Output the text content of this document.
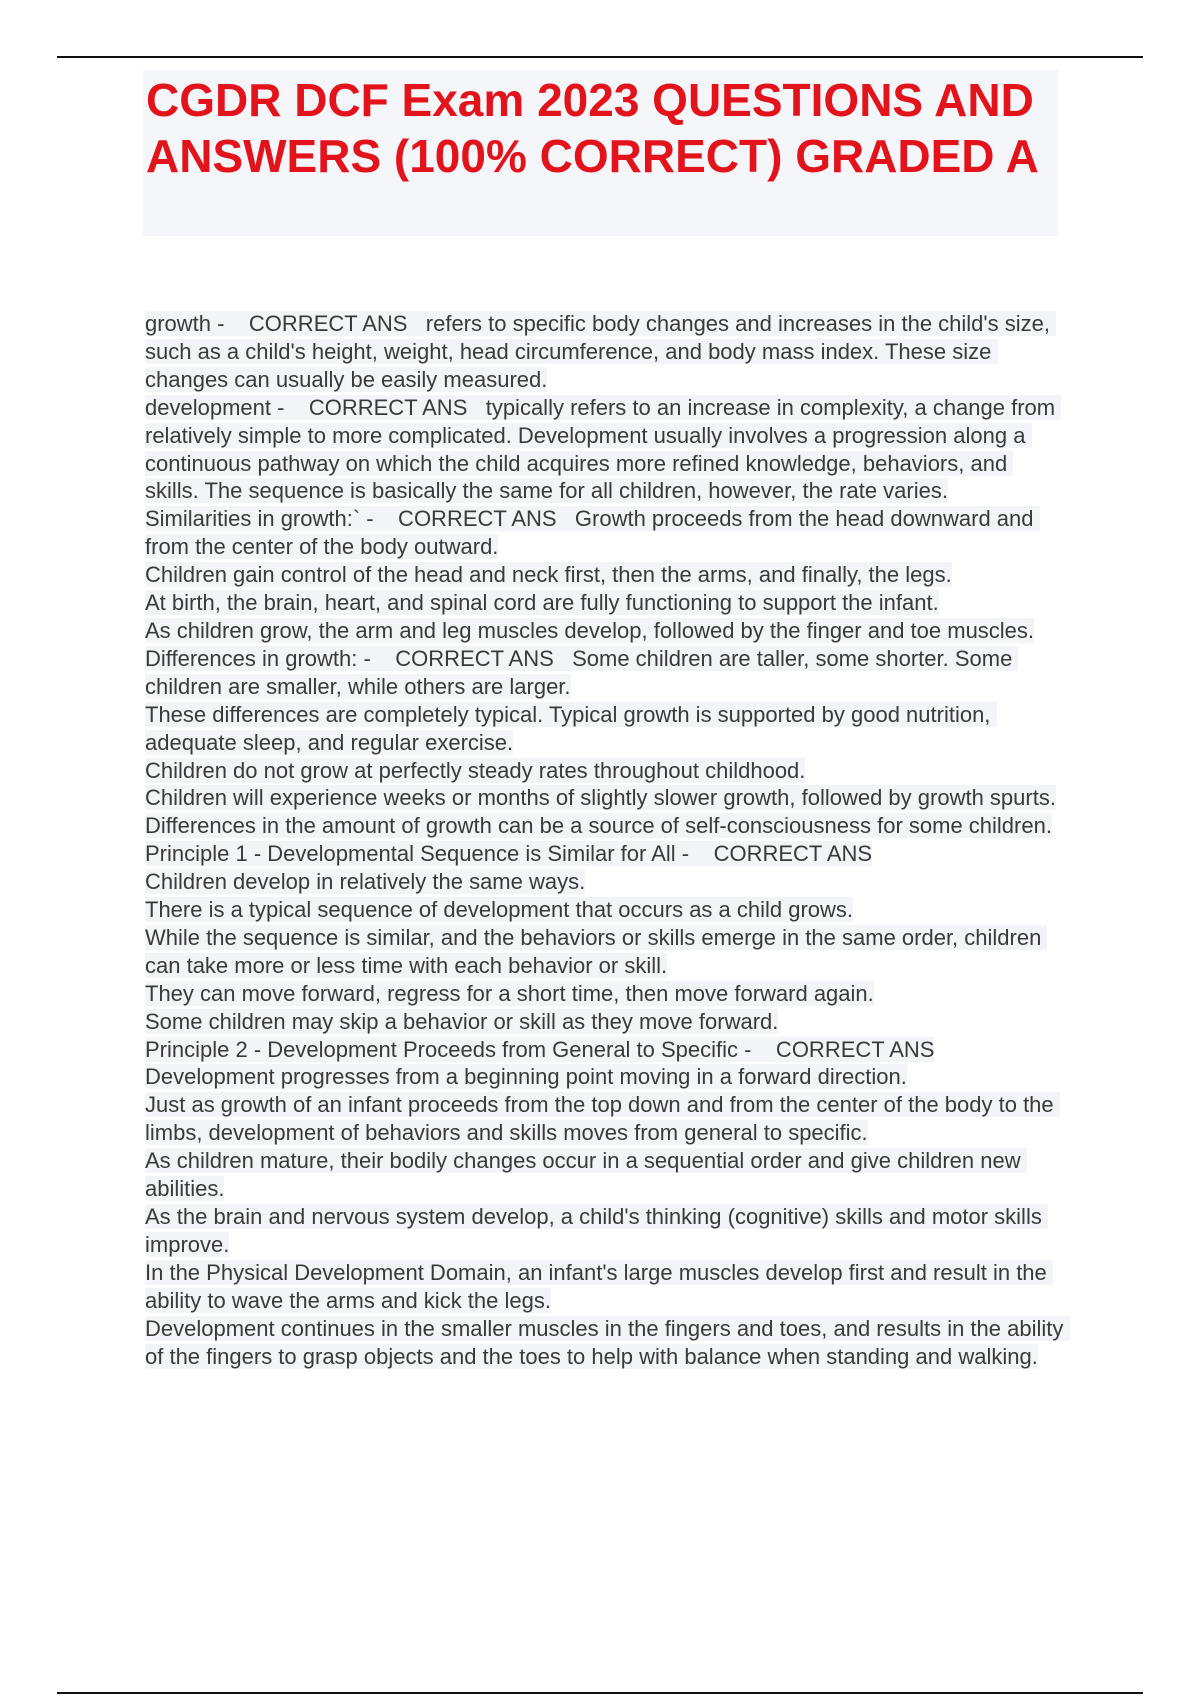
CGDR DCF Exam 2023 QUESTIONS AND ANSWERS (100% CORRECT) GRADED A

growth -    CORRECT ANS   refers to specific body changes and increases in the child's size, such as a child's height, weight, head circumference, and body mass index. These size changes can usually be easily measured.

development -    CORRECT ANS   typically refers to an increase in complexity, a change from relatively simple to more complicated. Development usually involves a progression along a continuous pathway on which the child acquires more refined knowledge, behaviors, and skills. The sequence is basically the same for all children, however, the rate varies.

Similarities in growth:` -    CORRECT ANS   Growth proceeds from the head downward and from the center of the body outward.

Children gain control of the head and neck first, then the arms, and finally, the legs.

At birth, the brain, heart, and spinal cord are fully functioning to support the infant.

As children grow, the arm and leg muscles develop, followed by the finger and toe muscles.

Differences in growth: -    CORRECT ANS   Some children are taller, some shorter. Some children are smaller, while others are larger.

These differences are completely typical. Typical growth is supported by good nutrition, adequate sleep, and regular exercise.

Children do not grow at perfectly steady rates throughout childhood.

Children will experience weeks or months of slightly slower growth, followed by growth spurts.

Differences in the amount of growth can be a source of self-consciousness for some children.

Principle 1 - Developmental Sequence is Similar for All -    CORRECT ANS

Children develop in relatively the same ways.

There is a typical sequence of development that occurs as a child grows.

While the sequence is similar, and the behaviors or skills emerge in the same order, children can take more or less time with each behavior or skill.

They can move forward, regress for a short time, then move forward again.

Some children may skip a behavior or skill as they move forward.

Principle 2 - Development Proceeds from General to Specific -    CORRECT ANS

Development progresses from a beginning point moving in a forward direction.

Just as growth of an infant proceeds from the top down and from the center of the body to the limbs, development of behaviors and skills moves from general to specific.

As children mature, their bodily changes occur in a sequential order and give children new abilities.

As the brain and nervous system develop, a child's thinking (cognitive) skills and motor skills improve.

In the Physical Development Domain, an infant's large muscles develop first and result in the ability to wave the arms and kick the legs.

Development continues in the smaller muscles in the fingers and toes, and results in the ability of the fingers to grasp objects and the toes to help with balance when standing and walking.
